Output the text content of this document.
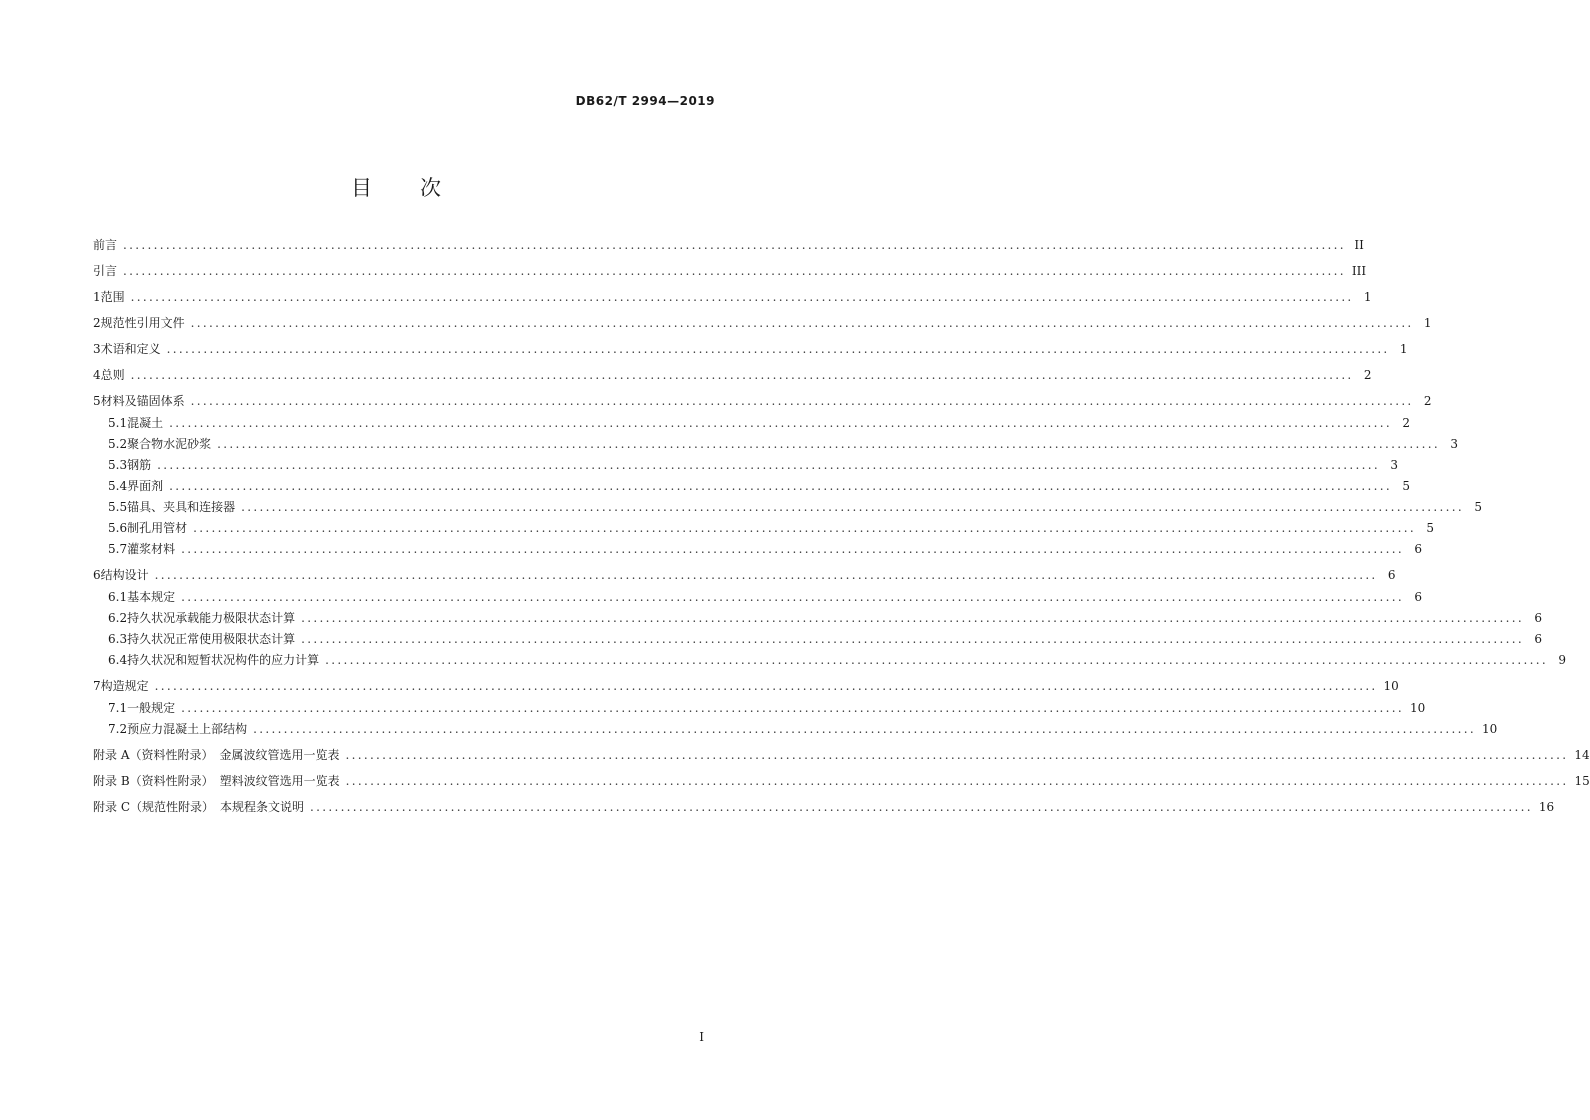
DB62/T 2994—2019
目 次
前言 ........................................................................................................................................................................................................ II
引言 ........................................................................................................................................................................................................ III
1 范围 ........................................................................................................................................................................................................ 1
2 规范性引用文件 ........................................................................................................................................................................................................ 1
3 术语和定义 ........................................................................................................................................................................................................ 1
4 总则 ........................................................................................................................................................................................................ 2
5 材料及锚固体系 ........................................................................................................................................................................................................ 2
5.1 混凝土 ........................................................................................................................................................................................................ 2
5.2 聚合物水泥砂浆 ........................................................................................................................................................................................................ 3
5.3 钢筋 ........................................................................................................................................................................................................ 3
5.4 界面剂 ........................................................................................................................................................................................................ 5
5.5 锚具、夹具和连接器 ........................................................................................................................................................................................................ 5
5.6 制孔用管材 ........................................................................................................................................................................................................ 5
5.7 灌浆材料 ........................................................................................................................................................................................................ 6
6 结构设计 ........................................................................................................................................................................................................ 6
6.1 基本规定 ........................................................................................................................................................................................................ 6
6.2 持久状况承载能力极限状态计算 ........................................................................................................................................................................................................ 6
6.3 持久状况正常使用极限状态计算 ........................................................................................................................................................................................................ 6
6.4 持久状况和短暂状况构件的应力计算 ........................................................................................................................................................................................................ 9
7 构造规定 ........................................................................................................................................................................................................ 10
7.1 一般规定 ........................................................................................................................................................................................................ 10
7.2 预应力混凝土上部结构 ........................................................................................................................................................................................................ 10
附录 A（资料性附录）　金属波纹管选用一览表 ........................................................................................................................................................................................................ 14
附录 B（资料性附录）　塑料波纹管选用一览表 ........................................................................................................................................................................................................ 15
附录 C（规范性附录）　本规程条文说明 ........................................................................................................................................................................................................ 16
I
